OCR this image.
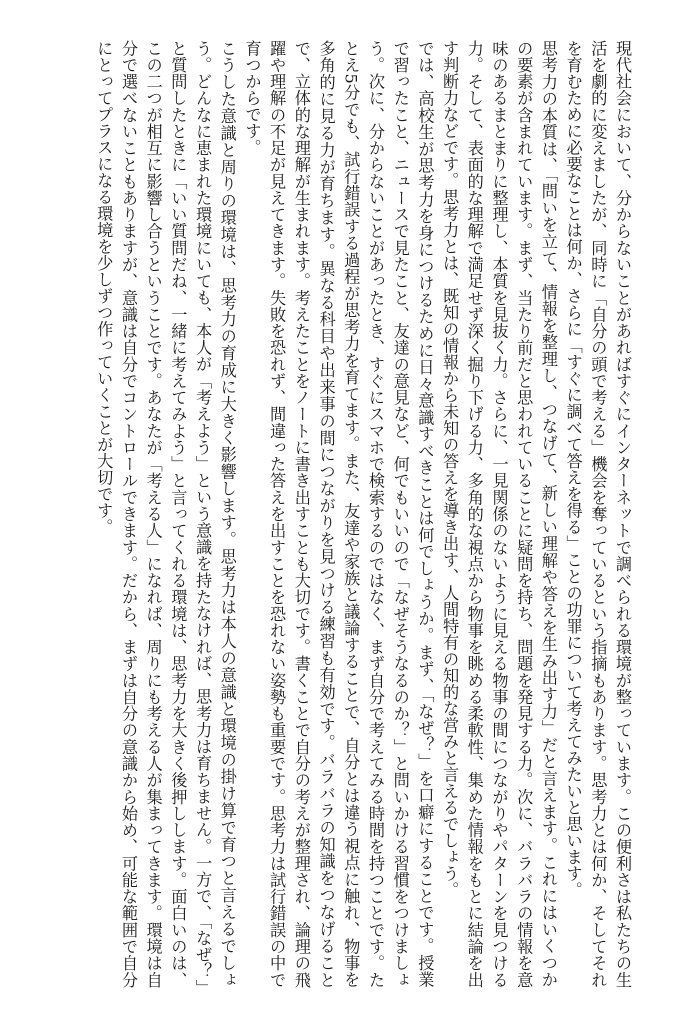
現代社会において、分からないことがあればすぐにインターネットで調べられる環境が整っています。この便利さは私たちの生活を劇的に変えましたが、同時に「自分の頭で考える」機会を奪っているという指摘もあります。思考力とは何か、そしてそれを育むために必要なことは何か、さらに「すぐに調べて答えを得る」ことの功罪について考えてみたいと思います。

思考力の本質は、「問いを立て、情報を整理し、つなげて、新しい理解や答えを生み出す力」だと言えます。これにはいくつかの要素が含まれています。まず、当たり前だと思われていることに疑問を持ち、問題を発見する力。次に、バラバラの情報を意味のあるまとまりに整理し、本質を見抜く力。さらに、一見関係のないように見える物事の間につながりやパターンを見つける力。そして、表面的な理解で満足せず深く掘り下げる力、多角的な視点から物事を眺める柔軟性、集めた情報をもとに結論を出す判断力などです。思考力とは、既知の情報から未知の答えを導き出す、人間特有の知的な営みと言えるでしょう。

では、高校生が思考力を身につけるために日々意識すべきことは何でしょうか。まず、「なぜ？」を口癖にすることです。授業で習ったこと、ニュースで見たこと、友達の意見など、何でもいいので「なぜそうなるのか？」と問いかける習慣をつけましょう。次に、分からないことがあったとき、すぐにスマホで検索するのではなく、まず自分で考えてみる時間を持つことです。たとえ5分でも、試行錯誤する過程が思考力を育てます。また、友達や家族と議論することで、自分とは違う視点に触れ、物事を多角的に見る力が育ちます。異なる科目や出来事の間につながりを見つける練習も有効です。バラバラの知識をつなげることで、立体的な理解が生まれます。考えたことをノートに書き出すことも大切です。書くことで自分の考えが整理され、論理の飛躍や理解の不足が見えてきます。失敗を恐れず、間違った答えを出すことを恐れない姿勢も重要です。思考力は試行錯誤の中で育つからです。

こうした意識と周りの環境は、思考力の育成に大きく影響します。思考力は本人の意識と環境の掛け算で育つと言えるでしょう。どんなに恵まれた環境にいても、本人が「考えよう」という意識を持たなければ、思考力は育ちません。一方で、「なぜ？」と質問したときに「いい質問だね、一緒に考えてみよう」と言ってくれる環境は、思考力を大きく後押しします。面白いのは、この二つが相互に影響し合うということです。あなたが「考える人」になれば、周りにも考える人が集まってきます。環境は自分で選べないこともありますが、意識は自分でコントロールできます。だから、まずは自分の意識から始め、可能な範囲で自分にとってプラスになる環境を少しずつ作っていくことが大切です。
